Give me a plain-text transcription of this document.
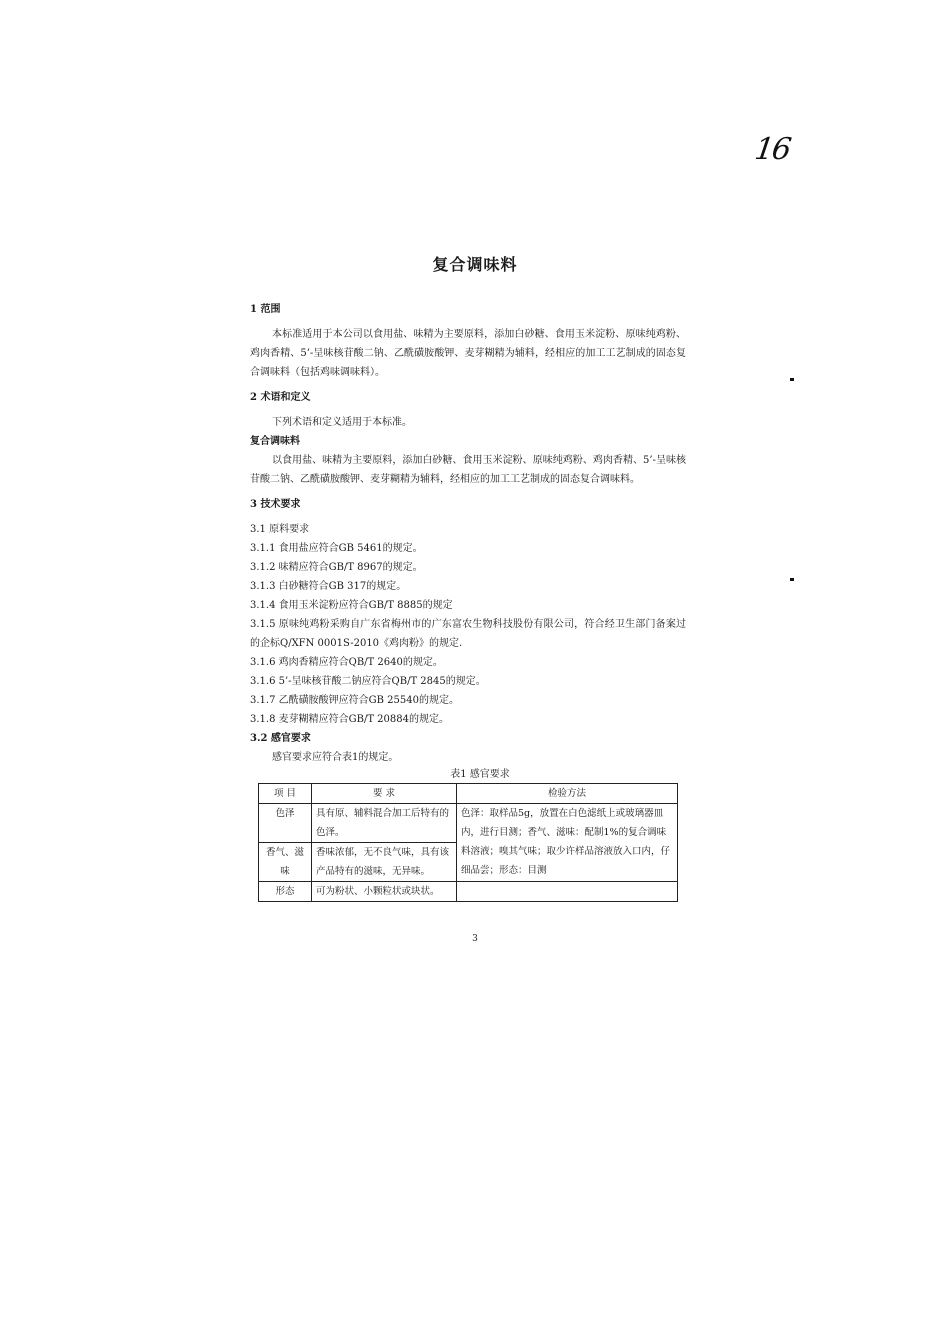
16
复合调味料
1 范围

本标准适用于本公司以食用盐、味精为主要原料，添加白砂糖、食用玉米淀粉、原味纯鸡粉、鸡肉香精、5’-呈味核苷酸二钠、乙酰磺胺酸钾、麦芽糊精为辅料，经相应的加工工艺制成的固态复合调味料（包括鸡味调味料）。

2 术语和定义

下列术语和定义适用于本标准。

复合调味料

以食用盐、味精为主要原料，添加白砂糖、食用玉米淀粉、原味纯鸡粉、鸡肉香精、5’-呈味核苷酸二钠、乙酰磺胺酸钾、麦芽糊精为辅料，经相应的加工工艺制成的固态复合调味料。

3 技术要求

3.1 原料要求

3.1.1 食用盐应符合GB 5461的规定。

3.1.2 味精应符合GB/T 8967的规定。

3.1.3 白砂糖符合GB 317的规定。

3.1.4 食用玉米淀粉应符合GB/T 8885的规定

3.1.5 原味纯鸡粉采购自广东省梅州市的广东富农生物科技股份有限公司，符合经卫生部门备案过的企标Q/XFN 0001S-2010《鸡肉粉》的规定.

3.1.6 鸡肉香精应符合QB/T 2640的规定。

3.1.6 5’-呈味核苷酸二钠应符合QB/T 2845的规定。

3.1.7 乙酰磺胺酸钾应符合GB 25540的规定。

3.1.8 麦芽糊精应符合GB/T 20884的规定。

3.2 感官要求

感官要求应符合表1的规定。

表1 感官要求
项 目	要 求	检验方法
色泽	具有原、辅料混合加工后特有的色泽。	色泽：取样品5g，放置在白色滤纸上或玻璃器皿内，进行目测；香气、滋味：配制1%的复合调味料溶液；嗅其气味；取少许样品溶液放入口内，仔细品尝；形态：目测
香气、滋味	香味浓郁，无不良气味，具有该产品特有的滋味，无异味。	
形态	可为粉状、小颗粒状或块状。	
3
